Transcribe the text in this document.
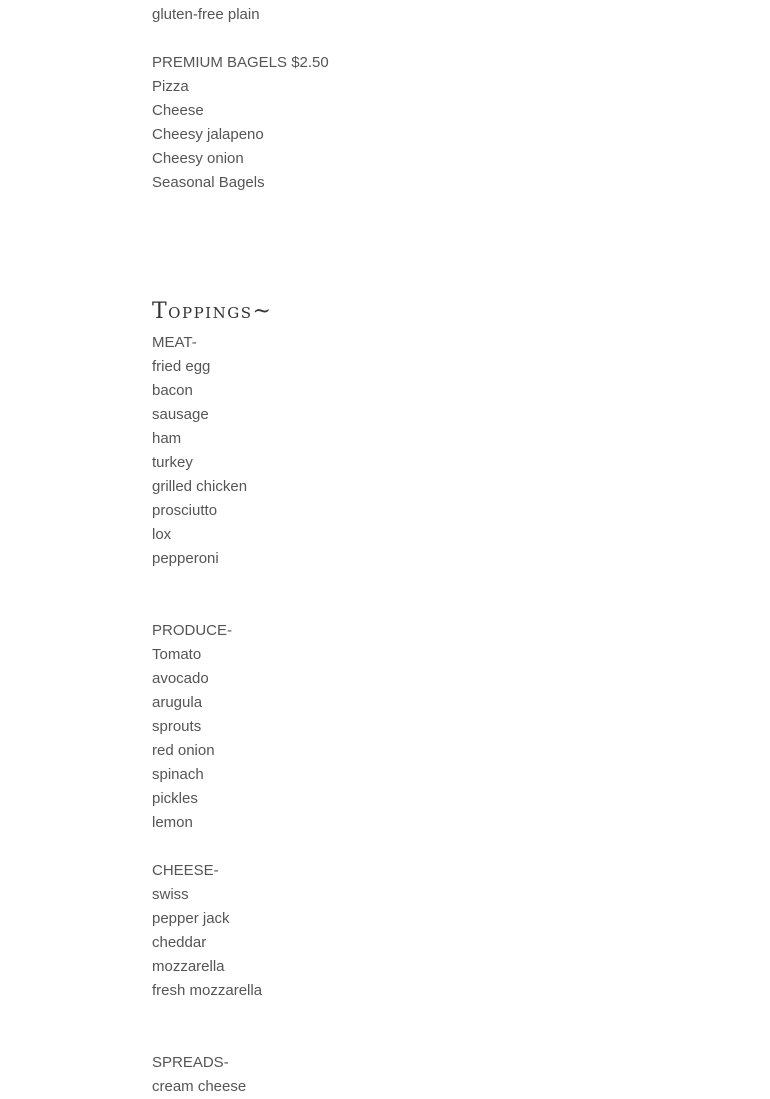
gluten-free plain
PREMIUM BAGELS $2.50
Pizza
Cheese
Cheesy jalapeno
Cheesy onion
Seasonal Bagels
Toppings~
MEAT-
fried egg
bacon
sausage
ham
turkey
grilled chicken
prosciutto
lox
pepperoni
PRODUCE-
Tomato
avocado
arugula
sprouts
red onion
spinach
pickles
lemon
CHEESE-
swiss
pepper jack
cheddar
mozzarella
fresh mozzarella
SPREADS-
cream cheese
